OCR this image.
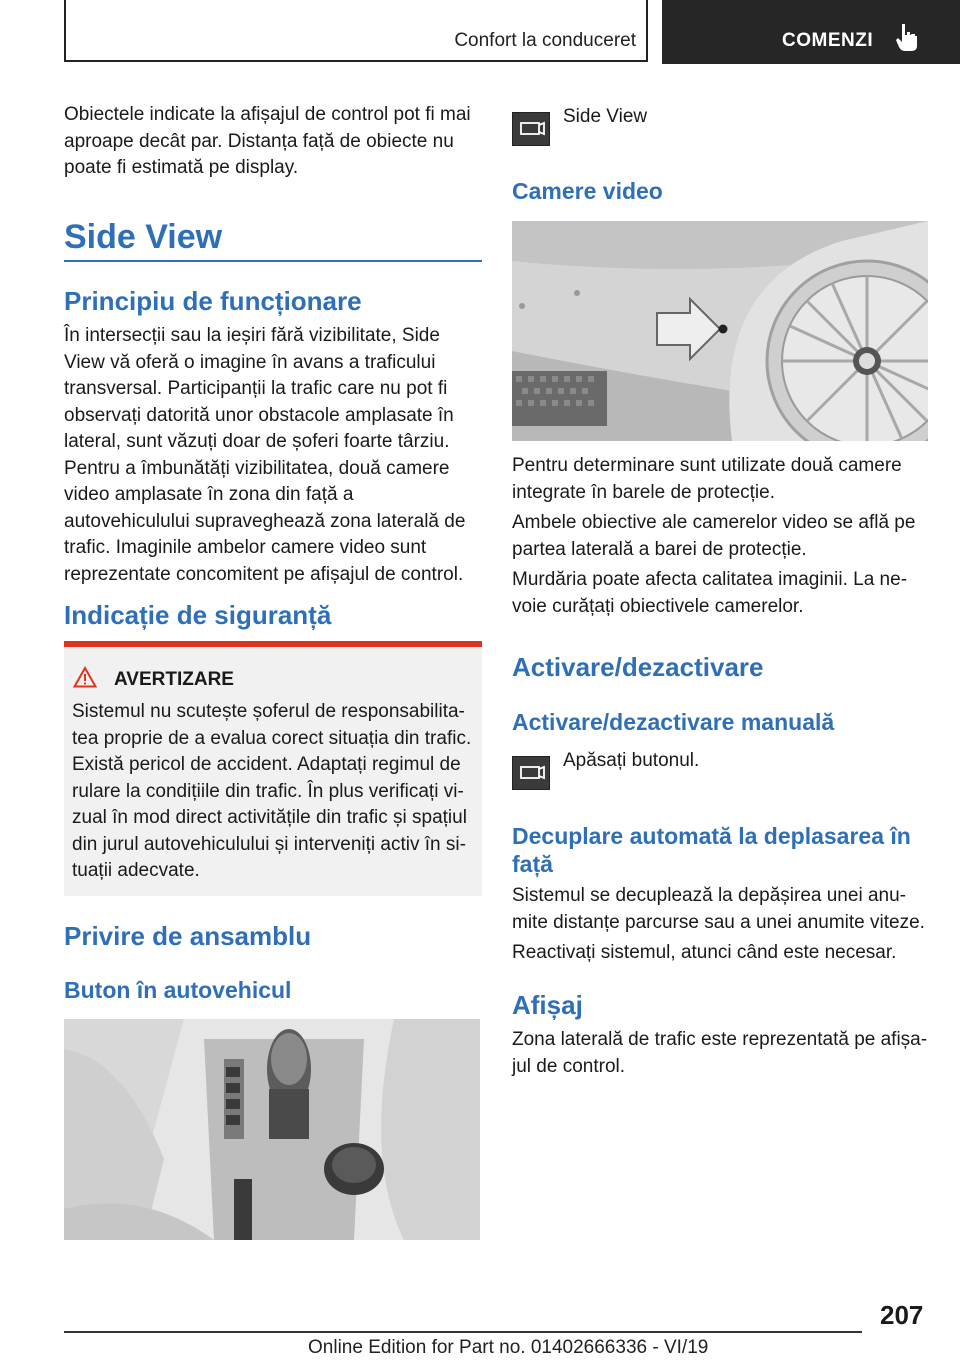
Confort la conduceret	COMENZI
Obiectele indicate la afișajul de control pot fi mai aproape decât par. Distanța față de obiecte nu poate fi estimată pe display.
Side View
Principiu de funcționare
În intersecții sau la ieșiri fără vizibilitate, Side View vă oferă o imagine în avans a traficului transversal. Participanții la trafic care nu pot fi observați datorită unor obstacole amplasate în lateral, sunt văzuți doar de șoferi foarte târziu. Pentru a îmbunătăți vizibilitatea, două camere video amplasate în zona din față a autovehiculului supraveghează zona laterală de trafic. Imaginile ambelor camere video sunt reprezentate concomitent pe afișajul de control.
Indicație de siguranță
AVERTIZARE
Sistemul nu scutește șoferul de responsabilitatea proprie de a evalua corect situația din trafic. Există pericol de accident. Adaptați regimul de rulare la condițiile din trafic. În plus verificați vizual în mod direct activitățile din trafic și spațiul din jurul autovehiculului și interveniți activ în situații adecvate.
Privire de ansamblu
Buton în autovehicul
Side View
Camere video
Pentru determinare sunt utilizate două camere integrate în barele de protecție.
Ambele obiective ale camerelor video se află pe partea laterală a barei de protecție.
Murdăria poate afecta calitatea imaginii. La nevoie curățați obiectivele camerelor.
Activare/dezactivare
Activare/dezactivare manuală
Apăsați butonul.
Decuplare automată la deplasarea în față
Sistemul se decuplează la depășirea unei anumite distanțe parcurse sau a unei anumite viteze.
Reactivați sistemul, atunci când este necesar.
Afișaj
Zona laterală de trafic este reprezentată pe afișajul de control.
207
Online Edition for Part no. 01402666336 - VI/19
